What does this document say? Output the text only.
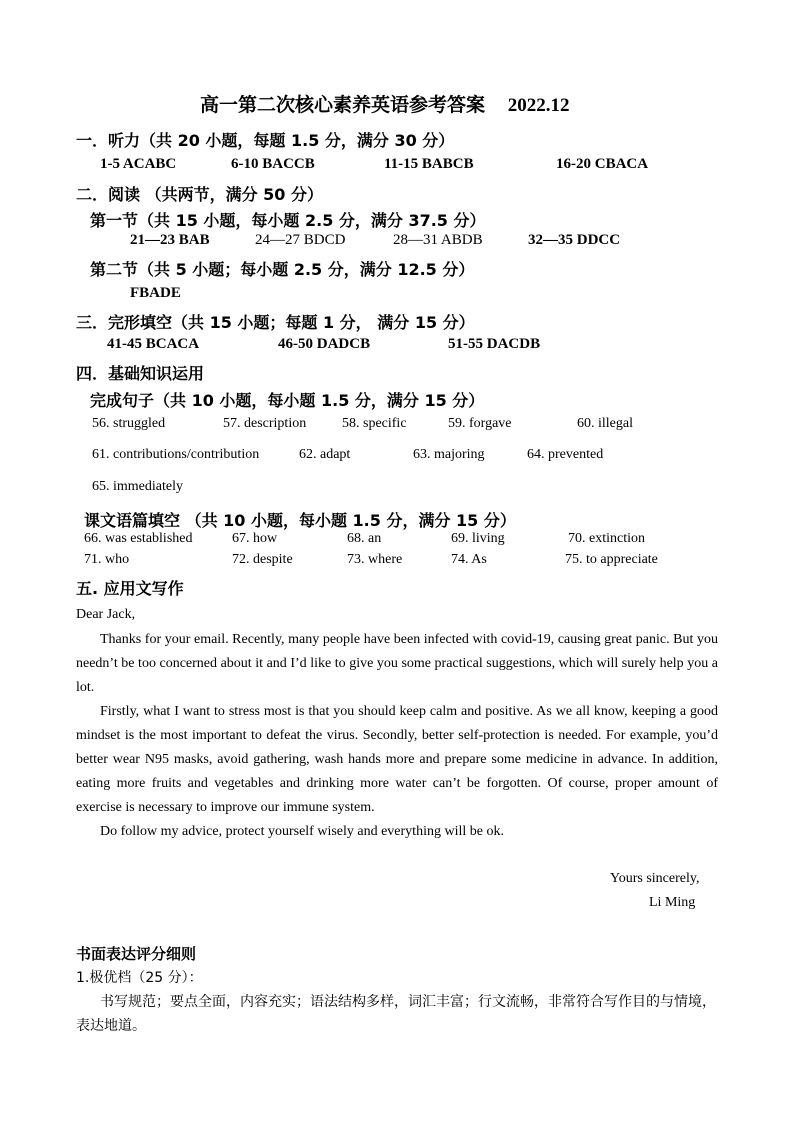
高一第二次核心素养英语参考答案 2022.12
一．听力（共 20 小题，每题 1.5 分，满分 30 分）
1-5 ACABC	6-10 BACCB	11-15 BABCB	16-20 CBACA
二．阅读 （共两节，满分 50 分）
第一节（共 15 小题，每小题 2.5 分，满分 37.5 分）
21—23 BAB	24—27 BDCD	28—31 ABDB	32—35 DDCC
第二节（共 5 小题；每小题 2.5 分，满分 12.5 分）
FBADE
三．完形填空（共 15 小题；每题 1 分， 满分 15 分）
41-45 BCACA	46-50 DADCB	51-55 DACDB
四．基础知识运用
完成句子（共 10 小题，每小题 1.5 分，满分 15 分）
56. struggled	57. description	58. specific	59. forgave	60. illegal
61. contributions/contribution	62. adapt	63. majoring	64. prevented
65. immediately
课文语篇填空 （共 10 小题，每小题 1.5 分，满分 15 分）
66. was established	67. how	68. an	69. living	70. extinction
71. who	72. despite	73. where	74. As	75. to appreciate
五. 应用文写作
Dear Jack,

Thanks for your email. Recently, many people have been infected with covid-19, causing great panic. But you needn’t be too concerned about it and I’d like to give you some practical suggestions, which will surely help you a lot.

Firstly, what I want to stress most is that you should keep calm and positive. As we all know, keeping a good mindset is the most important to defeat the virus. Secondly, better self-protection is needed. For example, you’d better wear N95 masks, avoid gathering, wash hands more and prepare some medicine in advance. In addition, eating more fruits and vegetables and drinking more water can’t be forgotten. Of course, proper amount of exercise is necessary to improve our immune system.

Do follow my advice, protect yourself wisely and everything will be ok.

Yours sincerely,
Li Ming
书面表达评分细则
1.极优档（25 分）：
书写规范；要点全面，内容充实；语法结构多样，词汇丰富；行文流畅，非常符合写作目的与情境，表达地道。
